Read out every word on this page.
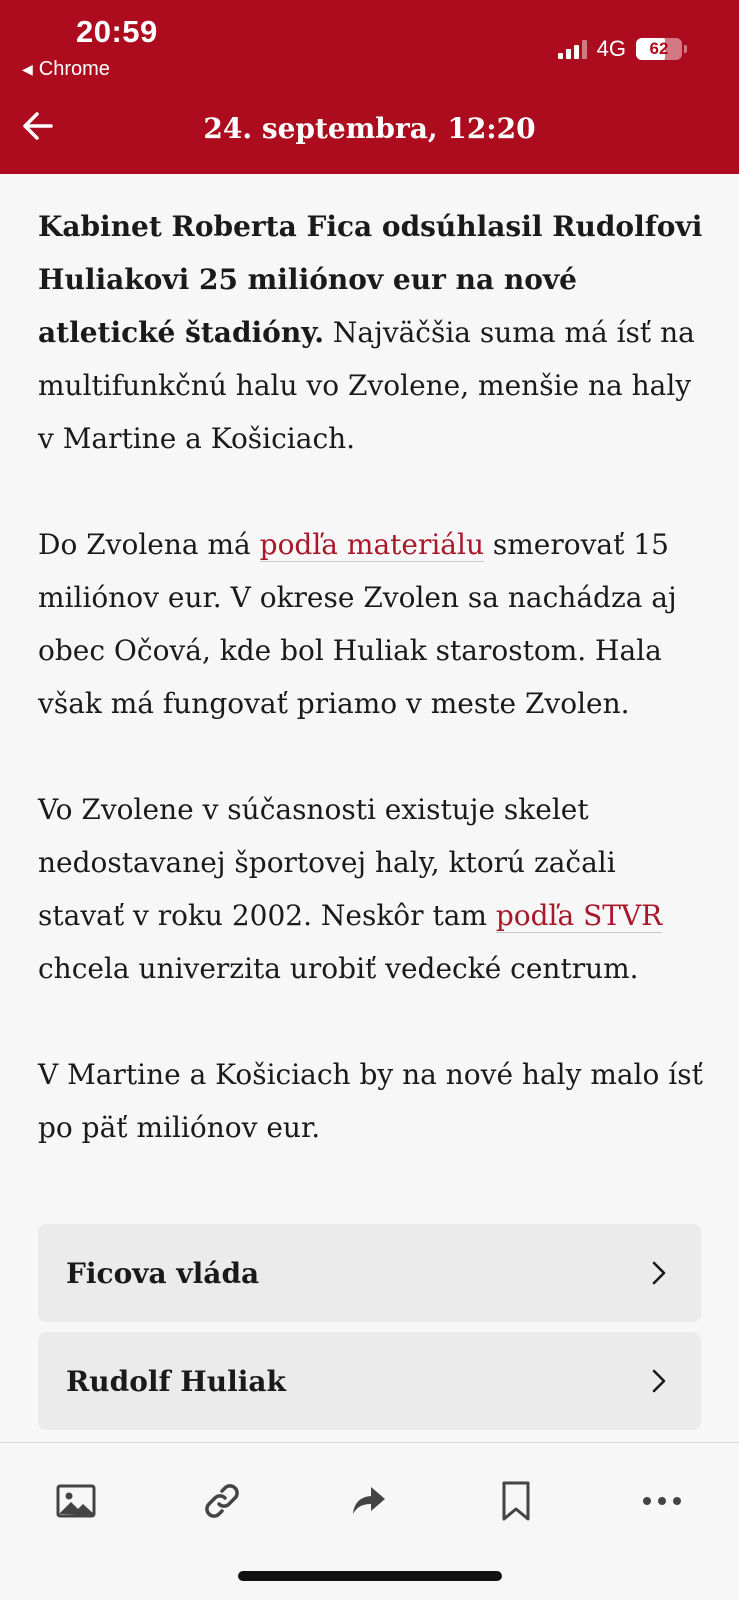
20:59
◀ Chrome
4G	62
24. septembra, 12:20

Kabinet Roberta Fica odsúhlasil Rudolfovi Huliakovi 25 miliónov eur na nové atletické štadióny. Najväčšia suma má ísť na multifunkčnú halu vo Zvolene, menšie na haly v Martine a Košiciach.

Do Zvolena má podľa materiálu smerovať 15 miliónov eur. V okrese Zvolen sa nachádza aj obec Očová, kde bol Huliak starostom. Hala však má fungovať priamo v meste Zvolen.

Vo Zvolene v súčasnosti existuje skelet nedostavanej športovej haly, ktorú začali stavať v roku 2002. Neskôr tam podľa STVR chcela univerzita urobiť vedecké centrum.

V Martine a Košiciach by na nové haly malo ísť po päť miliónov eur.

Ficova vláda
Rudolf Huliak
